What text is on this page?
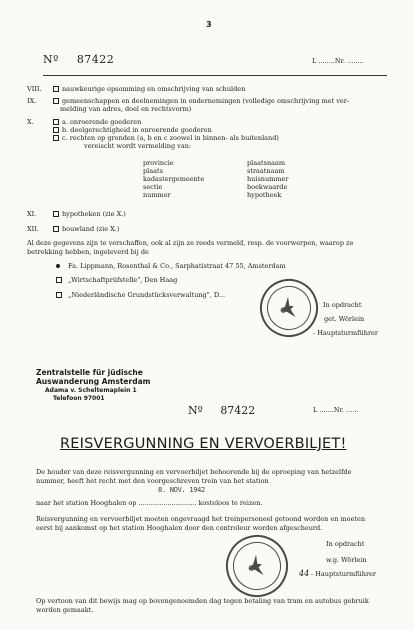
3
Nº 87422	L ........Nr. ........
VIII.	nauwkeurige opsomming en omschrijving van schulden
IX.	gemeenschappen en deelnemingen in ondernemingen (volledige omschrijving met ver-
melding van adres, doel en rechtsvorm)
X.	a. onroerende goederen
b. deelgerechtigheid in onroerende goederen
c. rechten op gronden (a, b en c zoowel in binnen- als buitenland)
vereischt wordt vermelding van:
provincie	plaatsnaam
plaats	straatnaam
kadastergemeente	huisnummer
sectie	boekwaarde
nummer	hypotheek
XI.	hypotheken (zie X.)
XII.	bouwland (zie X.)
Al deze gegevens zijn te verschaffen, ook al zijn ze reeds vermeld, resp. de voorwerpen, waarop ze
betrekking hebben, ingeleverd bij de
Fa. Lippmann, Rosenthal & Co., Sarphatistraat 47 55, Amsterdam
„Wirtschaftprüfstelle", Den Haag
„Niederländische Grundstücksverwaltung", D...
In opdracht
get. Wörlein
- Hauptsturmführer
Zentralstelle für jüdische
Auswanderung Amsterdam
Adama v. Scheltemaplein 1
Telefoon 97001
Nº 87422	L .......Nr. ......
REISVERGUNNING EN VERVOERBILJET!
De houder van deze reisvergunning en vervoerbiljet behoorende bij de oproeping van hetzelfde
nummer, heeft het recht met den voorgeschreven trein van het station
8. NOV. 1942
naar het station Hooghalen op ............................ kosteloos te reizen.
Reisvergunning en vervoerbiljet moeten ongevraagd het treinpersoneel getoond worden en moeten
eerst bij aankomst op het station Hooghalen door den controleur worden afgescheurd.
In opdracht
w.g. Wörlein
44 - Hauptsturmführer
Op vertoon van dit bewijs mag op bovengenoemden dag tegen betaling van tram en autobus gebruik
worden gemaakt.
